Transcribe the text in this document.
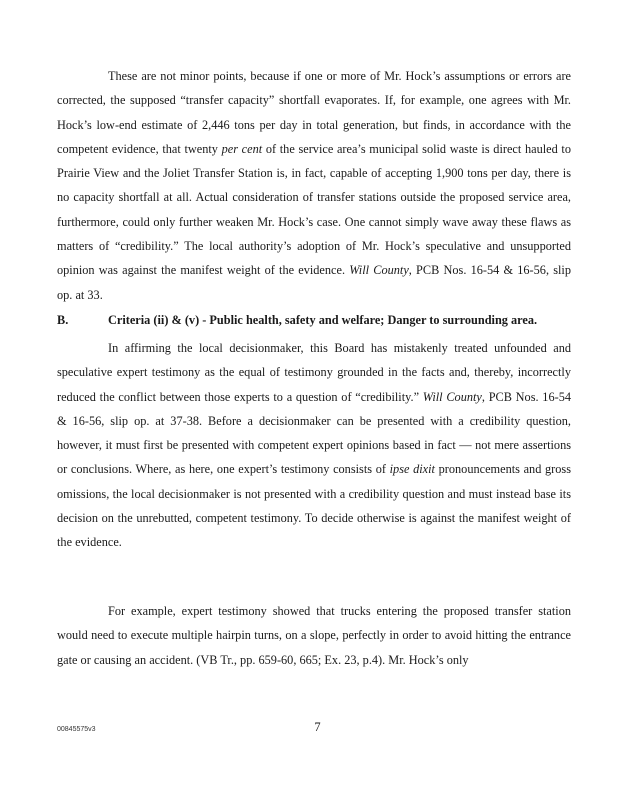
These are not minor points, because if one or more of Mr. Hock’s assumptions or errors are corrected, the supposed “transfer capacity” shortfall evaporates. If, for example, one agrees with Mr. Hock’s low-end estimate of 2,446 tons per day in total generation, but finds, in accordance with the competent evidence, that twenty per cent of the service area’s municipal solid waste is direct hauled to Prairie View and the Joliet Transfer Station is, in fact, capable of accepting 1,900 tons per day, there is no capacity shortfall at all. Actual consideration of transfer stations outside the proposed service area, furthermore, could only further weaken Mr. Hock’s case. One cannot simply wave away these flaws as matters of “credibility.” The local authority’s adoption of Mr. Hock’s speculative and unsupported opinion was against the manifest weight of the evidence. Will County, PCB Nos. 16-54 & 16-56, slip op. at 33.

B.	Criteria (ii) & (v) - Public health, safety and welfare; Danger to surrounding area.

In affirming the local decisionmaker, this Board has mistakenly treated unfounded and speculative expert testimony as the equal of testimony grounded in the facts and, thereby, incorrectly reduced the conflict between those experts to a question of “credibility.” Will County, PCB Nos. 16-54 & 16-56, slip op. at 37-38. Before a decisionmaker can be presented with a credibility question, however, it must first be presented with competent expert opinions based in fact — not mere assertions or conclusions. Where, as here, one expert’s testimony consists of ipse dixit pronouncements and gross omissions, the local decisionmaker is not presented with a credibility question and must instead base its decision on the unrebutted, competent testimony. To decide otherwise is against the manifest weight of the evidence.

For example, expert testimony showed that trucks entering the proposed transfer station would need to execute multiple hairpin turns, on a slope, perfectly in order to avoid hitting the entrance gate or causing an accident. (VB Tr., pp. 659-60, 665; Ex. 23, p.4). Mr. Hock’s only

7
00845575v3
